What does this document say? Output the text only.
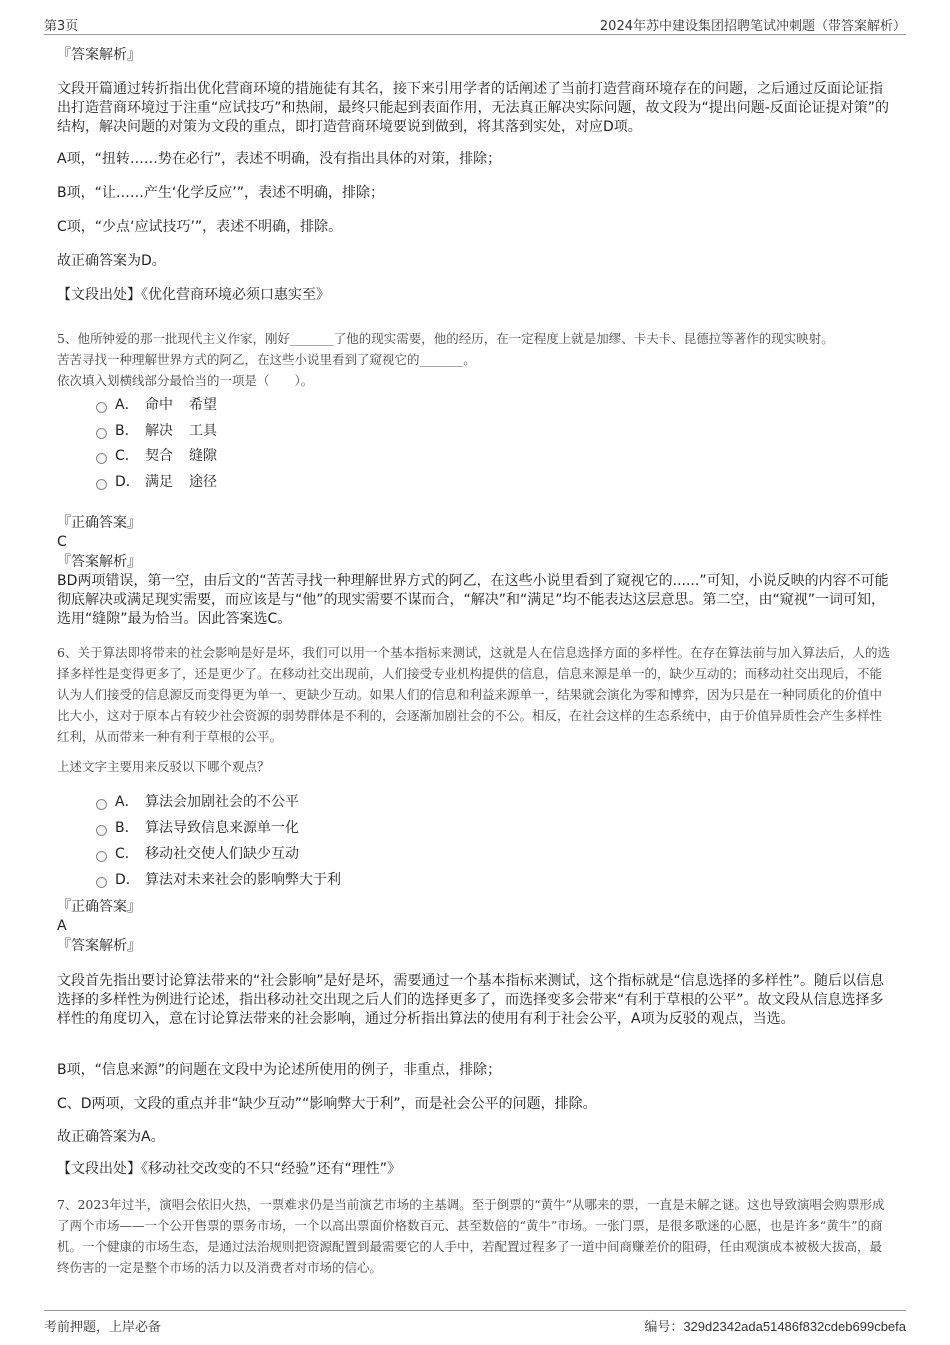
第3页	2024年苏中建设集团招聘笔试冲刺题（带答案解析）

『答案解析』

文段开篇通过转折指出优化营商环境的措施徒有其名，接下来引用学者的话阐述了当前打造营商环境存在的问题，之后通过反面论证指出打造营商环境过于注重“应试技巧”和热闹，最终只能起到表面作用，无法真正解决实际问题，故文段为“提出问题-反面论证提对策”的结构，解决问题的对策为文段的重点，即打造营商环境要说到做到，将其落到实处，对应D项。

A项，“扭转……势在必行”，表述不明确，没有指出具体的对策，排除；

B项，“让……产生‘化学反应’”，表述不明确，排除；

C项，“少点‘应试技巧’”，表述不明确，排除。

故正确答案为D。

【文段出处】《优化营商环境必须口惠实至》

5、他所钟爱的那一批现代主义作家，刚好_______了他的现实需要，他的经历，在一定程度上就是加缪、卡夫卡、昆德拉等著作的现实映射。

苦苦寻找一种理解世界方式的阿乙，在这些小说里看到了窥视它的_______。

依次填入划横线部分最恰当的一项是（　　）。

A． 命中 希望
B． 解决 工具
C． 契合 缝隙
D． 满足 途径

『正确答案』

C

『答案解析』

BD两项错误，第一空，由后文的“苦苦寻找一种理解世界方式的阿乙，在这些小说里看到了窥视它的......”可知，小说反映的内容不可能彻底解决或满足现实需要，而应该是与“他”的现实需要不谋而合，“解决”和“满足”均不能表达这层意思。第二空，由“窥视”一词可知，选用“缝隙”最为恰当。因此答案选C。

6、关于算法即将带来的社会影响是好是坏，我们可以用一个基本指标来测试，这就是人在信息选择方面的多样性。在存在算法前与加入算法后，人的选择多样性是变得更多了，还是更少了。在移动社交出现前，人们接受专业机构提供的信息，信息来源是单一的，缺少互动的；而移动社交出现后，不能认为人们接受的信息源反而变得更为单一、更缺少互动。如果人们的信息和利益来源单一，结果就会演化为零和博弈，因为只是在一种同质化的价值中比大小，这对于原本占有较少社会资源的弱势群体是不利的，会逐渐加剧社会的不公。相反，在社会这样的生态系统中，由于价值异质性会产生多样性红利，从而带来一种有利于草根的公平。

上述文字主要用来反驳以下哪个观点？

A． 算法会加剧社会的不公平
B． 算法导致信息来源单一化
C． 移动社交使人们缺少互动
D． 算法对未来社会的影响弊大于利

『正确答案』

A

『答案解析』

文段首先指出要讨论算法带来的“社会影响”是好是坏，需要通过一个基本指标来测试，这个指标就是“信息选择的多样性”。随后以信息选择的多样性为例进行论述，指出移动社交出现之后人们的选择更多了，而选择变多会带来“有利于草根的公平”。故文段从信息选择多样性的角度切入，意在讨论算法带来的社会影响，通过分析指出算法的使用有利于社会公平，A项为反驳的观点，当选。

B项，“信息来源”的问题在文段中为论述所使用的例子，非重点，排除；

C、D两项，文段的重点并非“缺少互动”“影响弊大于利”，而是社会公平的问题，排除。

故正确答案为A。

【文段出处】《移动社交改变的不只“经验”还有“理性”》

7、2023年过半，演唱会依旧火热，一票难求仍是当前演艺市场的主基调。至于倒票的“黄牛”从哪来的票，一直是未解之谜。这也导致演唱会购票形成了两个市场——一个公开售票的票务市场，一个以高出票面价格数百元、甚至数倍的“黄牛”市场。一张门票，是很多歌迷的心愿，也是许多“黄牛”的商机。一个健康的市场生态，是通过法治规则把资源配置到最需要它的人手中，若配置过程多了一道中间商赚差价的阻碍，任由观演成本被极大拔高，最终伤害的一定是整个市场的活力以及消费者对市场的信心。

考前押题，上岸必备	编号：329d2342ada51486f832cdeb699cbefa
